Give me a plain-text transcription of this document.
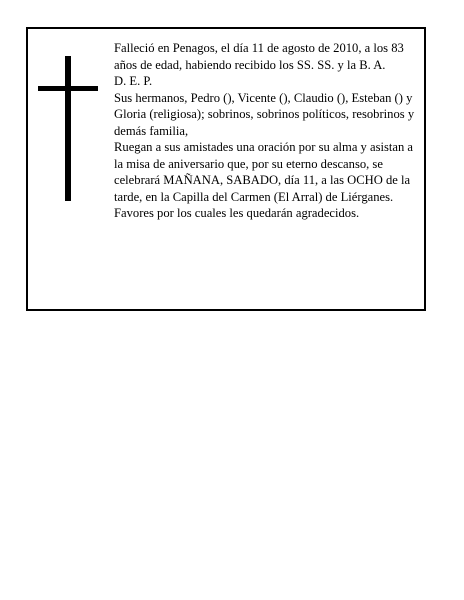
Falleció en Penagos, el día 11 de agosto de 2010, a los 83 años de edad, habiendo recibido los SS. SS. y la B. A.

D. E. P.

Sus hermanos, Pedro (), Vicente (), Claudio (), Esteban () y Gloria (religiosa); sobrinos, sobrinos políticos, resobrinos y demás familia,

Ruegan a sus amistades una oración por su alma y asistan a la misa de aniversario que, por su eterno descanso, se celebrará MAÑANA, SABADO, día 11, a las OCHO de la tarde, en la Capilla del Carmen (El Arral) de Liérganes. Favores por los cuales les quedarán agradecidos.
